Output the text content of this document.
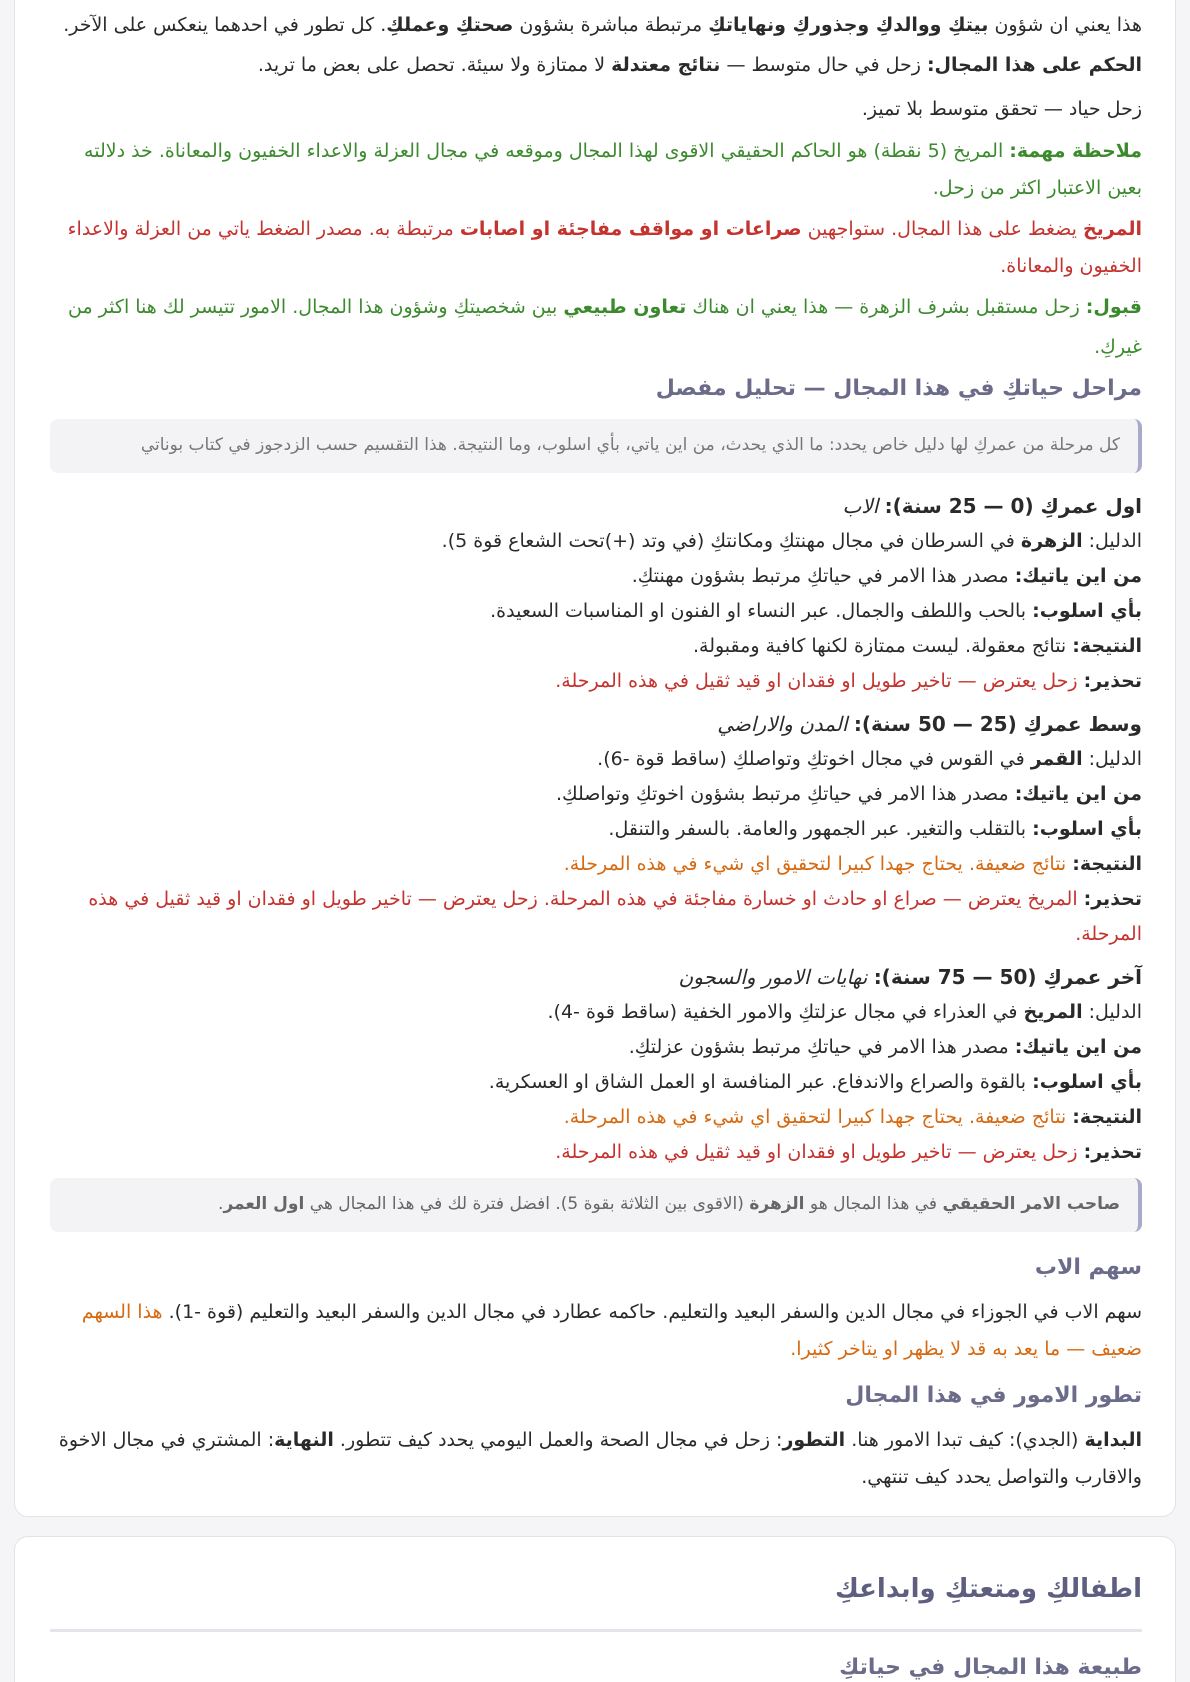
هذا يعني ان شؤون بيتكِ ووالدكِ وجذوركِ ونهاياتكِ مرتبطة مباشرة بشؤون صحتكِ وعملكِ. كل تطور في احدهما ينعكس على الآخر.
الحكم على هذا المجال: زحل في حال متوسط — نتائج معتدلة لا ممتازة ولا سيئة. تحصل على بعض ما تريد.
زحل حياد — تحقق متوسط بلا تميز.
ملاحظة مهمة: المريخ (5 نقطة) هو الحاكم الحقيقي الاقوى لهذا المجال وموقعه في مجال العزلة والاعداء الخفيون والمعاناة. خذ دلالته بعين الاعتبار اكثر من زحل.
المريخ يضغط على هذا المجال. ستواجهين صراعات او مواقف مفاجئة او اصابات مرتبطة به. مصدر الضغط ياتي من العزلة والاعداء الخفيون والمعاناة.
قبول: زحل مستقبل بشرف الزهرة — هذا يعني ان هناك تعاون طبيعي بين شخصيتكِ وشؤون هذا المجال. الامور تتيسر لك هنا اكثر من غيركِ.
مراحل حياتكِ في هذا المجال — تحليل مفصل
كل مرحلة من عمركِ لها دليل خاص يحدد: ما الذي يحدث، من اين ياتي، بأي اسلوب، وما النتيجة. هذا التقسيم حسب الزدجوز في كتاب بوناتي
اول عمركِ (0 — 25 سنة): الاب
الدليل: الزهرة في السرطان في مجال مهنتكِ ومكانتكِ (في وتد (+)تحت الشعاع قوة 5).
من اين ياتيك: مصدر هذا الامر في حياتكِ مرتبط بشؤون مهنتكِ.
بأي اسلوب: بالحب واللطف والجمال. عبر النساء او الفنون او المناسبات السعيدة.
النتيجة: نتائج معقولة. ليست ممتازة لكنها كافية ومقبولة.
تحذير: زحل يعترض — تاخير طويل او فقدان او قيد ثقيل في هذه المرحلة.
وسط عمركِ (25 — 50 سنة): المدن والاراضي
الدليل: القمر في القوس في مجال اخوتكِ وتواصلكِ (ساقط قوة -6).
من اين ياتيك: مصدر هذا الامر في حياتكِ مرتبط بشؤون اخوتكِ وتواصلكِ.
بأي اسلوب: بالتقلب والتغير. عبر الجمهور والعامة. بالسفر والتنقل.
النتيجة: نتائج ضعيفة. يحتاج جهدا كبيرا لتحقيق اي شيء في هذه المرحلة.
تحذير: المريخ يعترض — صراع او حادث او خسارة مفاجئة في هذه المرحلة. زحل يعترض — تاخير طويل او فقدان او قيد ثقيل في هذه المرحلة.
آخر عمركِ (50 — 75 سنة): نهايات الامور والسجون
الدليل: المريخ في العذراء في مجال عزلتكِ والامور الخفية (ساقط قوة -4).
من اين ياتيك: مصدر هذا الامر في حياتكِ مرتبط بشؤون عزلتكِ.
بأي اسلوب: بالقوة والصراع والاندفاع. عبر المنافسة او العمل الشاق او العسكرية.
النتيجة: نتائج ضعيفة. يحتاج جهدا كبيرا لتحقيق اي شيء في هذه المرحلة.
تحذير: زحل يعترض — تاخير طويل او فقدان او قيد ثقيل في هذه المرحلة.
صاحب الامر الحقيقي في هذا المجال هو الزهرة (الاقوى بين الثلاثة بقوة 5). افضل فترة لك في هذا المجال هي اول العمر.
سهم الاب
سهم الاب في الجوزاء في مجال الدين والسفر البعيد والتعليم. حاكمه عطارد في مجال الدين والسفر البعيد والتعليم (قوة -1). هذا السهم ضعيف — ما يعد به قد لا يظهر او يتاخر كثيرا.
تطور الامور في هذا المجال
البداية (الجدي): كيف تبدا الامور هنا. التطور: زحل في مجال الصحة والعمل اليومي يحدد كيف تتطور. النهاية: المشتري في مجال الاخوة والاقارب والتواصل يحدد كيف تنتهي.
اطفالكِ ومتعتكِ وابداعكِ
طبيعة هذا المجال في حياتكِ
